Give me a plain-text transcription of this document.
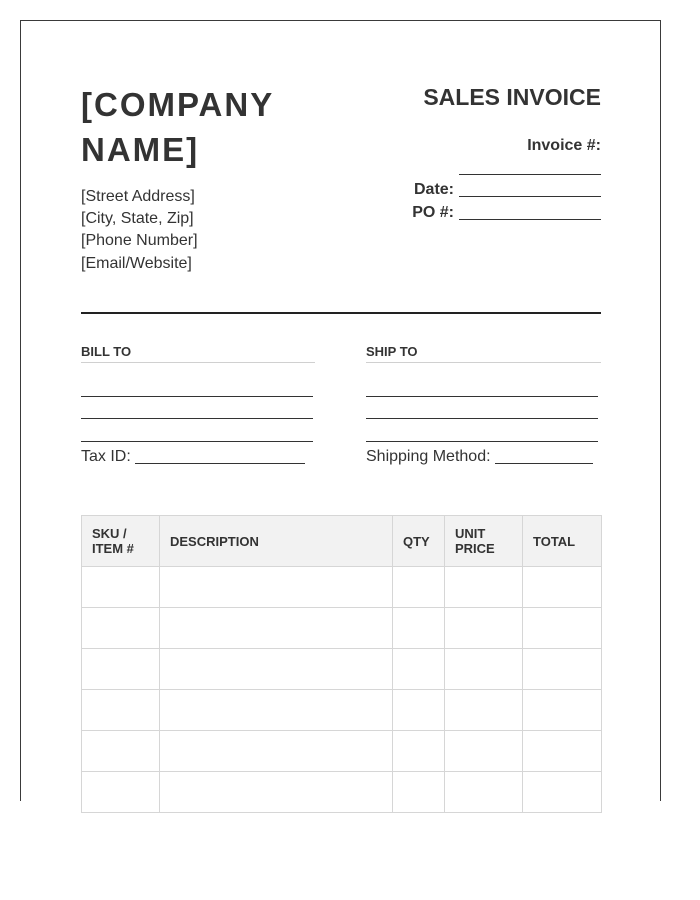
[COMPANY
NAME]
[Street Address]
[City, State, Zip]
[Phone Number]
[Email/Website]
SALES INVOICE
Invoice #:
Date:
PO #:
BILL TO
Tax ID:
SHIP TO
Shipping Method:
SKU / ITEM #	DESCRIPTION	QTY	UNIT PRICE	TOTAL
